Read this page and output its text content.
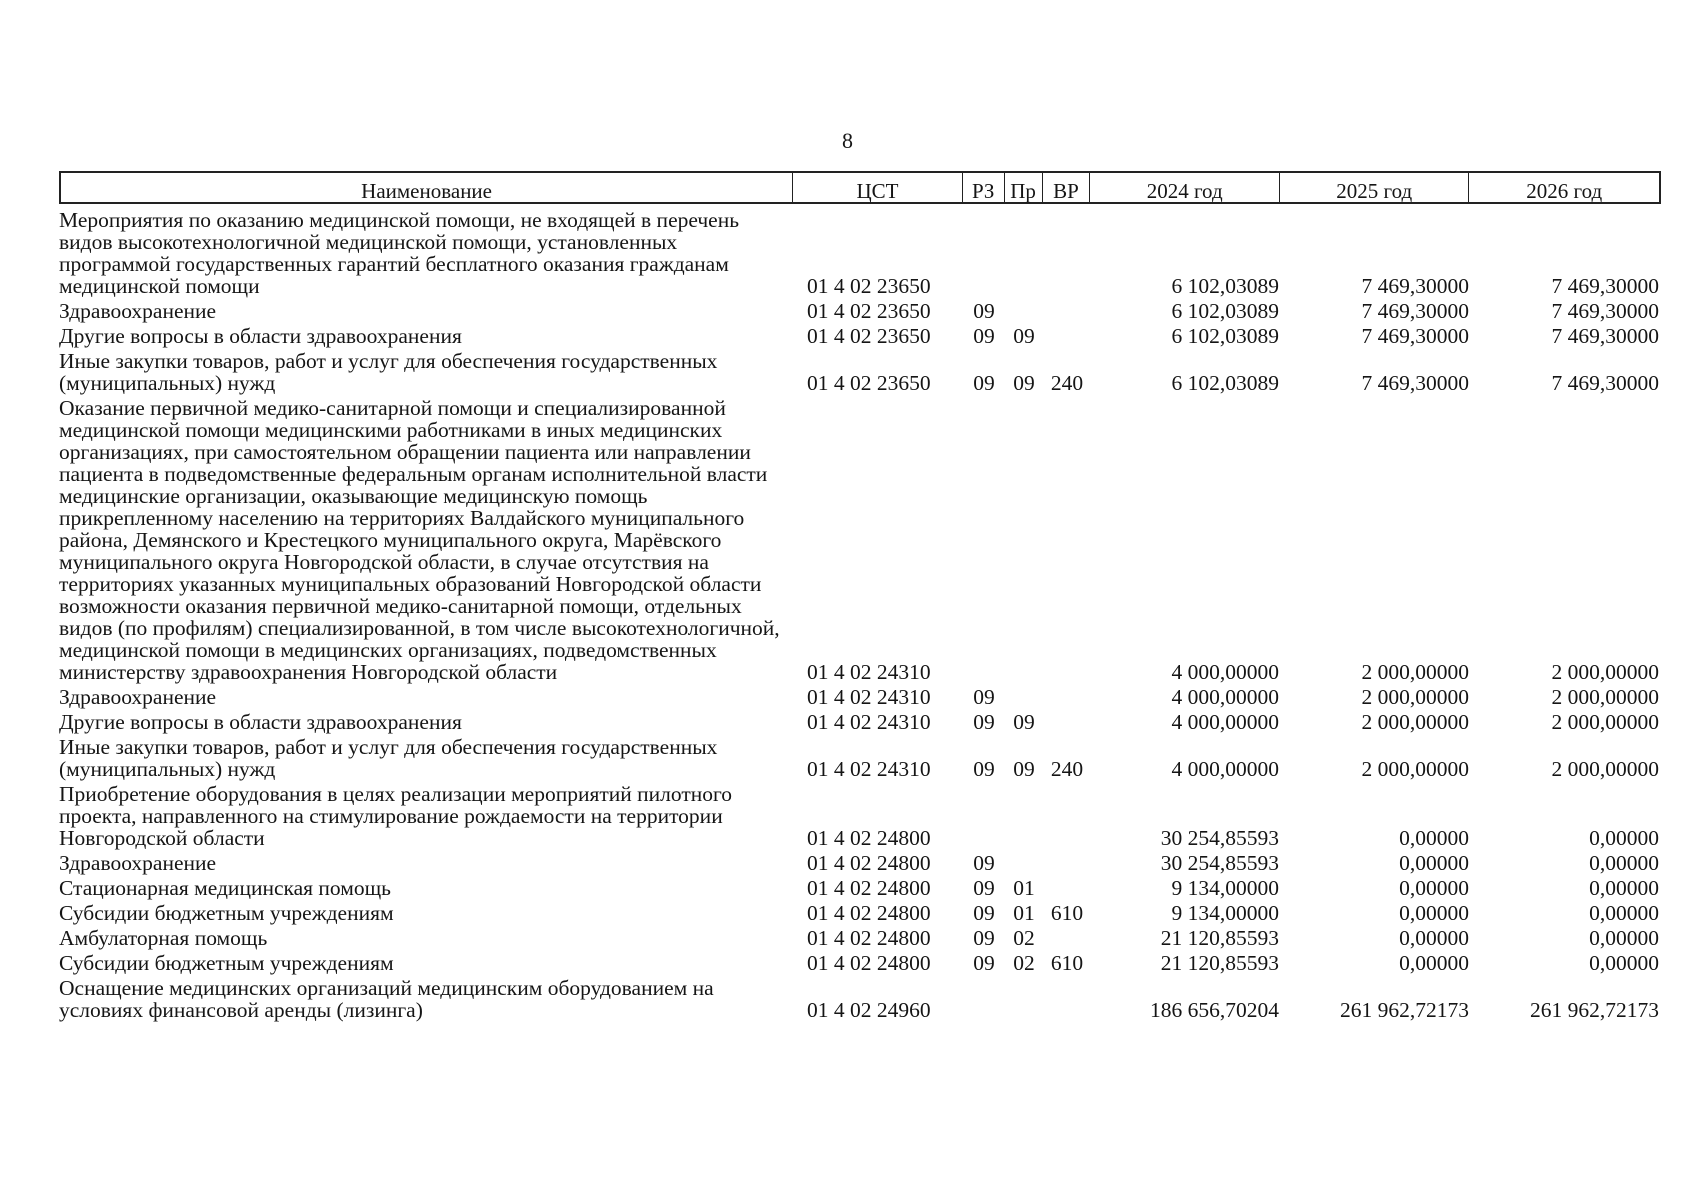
8
Наименование	ЦСТ	РЗ Пр ВР	2024 год	2025 год	2026 год
Мероприятия по оказанию медицинской помощи, не входящей в перечень видов высокотехнологичной медицинской помощи, установленных программой государственных гарантий бесплатного оказания гражданам медицинской помощи	01 4 02 23650	6 102,03089	7 469,30000	7 469,30000
Здравоохранение	01 4 02 23650	09	6 102,03089	7 469,30000	7 469,30000
Другие вопросы в области здравоохранения	01 4 02 23650	09 09	6 102,03089	7 469,30000	7 469,30000
Иные закупки товаров, работ и услуг для обеспечения государственных (муниципальных) нужд	01 4 02 23650	09 09 240	6 102,03089	7 469,30000	7 469,30000
Оказание первичной медико-санитарной помощи и специализированной медицинской помощи медицинскими работниками в иных медицинских организациях, при самостоятельном обращении пациента или направлении пациента в подведомственные федеральным органам исполнительной власти медицинские организации, оказывающие медицинскую помощь прикрепленному населению на территориях Валдайского муниципального района, Демянского и Крестецкого муниципального округа, Марёвского муниципального округа Новгородской области, в случае отсутствия на территориях указанных муниципальных образований Новгородской области возможности оказания первичной медико-санитарной помощи, отдельных видов (по профилям) специализированной, в том числе высокотехнологичной, медицинской помощи в медицинских организациях, подведомственных министерству здравоохранения Новгородской области	01 4 02 24310	4 000,00000	2 000,00000	2 000,00000
Здравоохранение	01 4 02 24310	09	4 000,00000	2 000,00000	2 000,00000
Другие вопросы в области здравоохранения	01 4 02 24310	09 09	4 000,00000	2 000,00000	2 000,00000
Иные закупки товаров, работ и услуг для обеспечения государственных (муниципальных) нужд	01 4 02 24310	09 09 240	4 000,00000	2 000,00000	2 000,00000
Приобретение оборудования в целях реализации мероприятий пилотного проекта, направленного на стимулирование рождаемости на территории Новгородской области	01 4 02 24800	30 254,85593	0,00000	0,00000
Здравоохранение	01 4 02 24800	09	30 254,85593	0,00000	0,00000
Стационарная медицинская помощь	01 4 02 24800	09 01	9 134,00000	0,00000	0,00000
Субсидии бюджетным учреждениям	01 4 02 24800	09 01 610	9 134,00000	0,00000	0,00000
Амбулаторная помощь	01 4 02 24800	09 02	21 120,85593	0,00000	0,00000
Субсидии бюджетным учреждениям	01 4 02 24800	09 02 610	21 120,85593	0,00000	0,00000
Оснащение медицинских организаций медицинским оборудованием на условиях финансовой аренды (лизинга)	01 4 02 24960	186 656,70204	261 962,72173	261 962,72173
